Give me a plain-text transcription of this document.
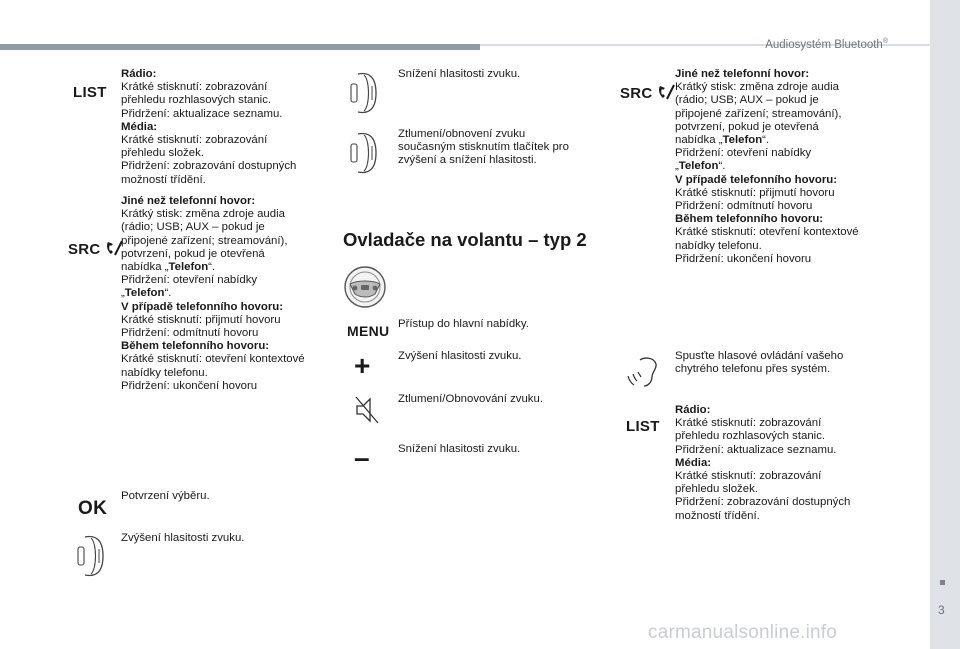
Audiosystém Bluetooth®
3
LIST
Rádio:
Krátké stisknutí: zobrazování
přehledu rozhlasových stanic.
Přidržení: aktualizace seznamu.
Média:
Krátké stisknutí: zobrazování
přehledu složek.
Přidržení: zobrazování dostupných
možností třídění.
SRC
Jiné než telefonní hovor:
Krátký stisk: změna zdroje audia
(rádio; USB; AUX – pokud je
připojené zařízení; streamování),
potvrzení, pokud je otevřená
nabídka „Telefon“.
Přidržení: otevření nabídky
„Telefon“.
V případě telefonního hovoru:
Krátké stisknutí: přijmutí hovoru
Přidržení: odmítnutí hovoru
Během telefonního hovoru:
Krátké stisknutí: otevření kontextové
nabídky telefonu.
Přidržení: ukončení hovoru
OK
Potvrzení výběru.
Zvýšení hlasitosti zvuku.
Snížení hlasitosti zvuku.
Ztlumení/obnovení zvuku
současným stisknutím tlačítek pro
zvýšení a snížení hlasitosti.
Ovladače na volantu – typ 2
MENU Přístup do hlavní nabídky.
+ Zvýšení hlasitosti zvuku.
Ztlumení/Obnovování zvuku.
– Snížení hlasitosti zvuku.
SRC
Jiné než telefonní hovor:
Krátký stisk: změna zdroje audia
(rádio; USB; AUX – pokud je
připojené zařízení; streamování),
potvrzení, pokud je otevřená
nabídka „Telefon“.
Přidržení: otevření nabídky
„Telefon“.
V případě telefonního hovoru:
Krátké stisknutí: přijmutí hovoru
Přidržení: odmítnutí hovoru
Během telefonního hovoru:
Krátké stisknutí: otevření kontextové
nabídky telefonu.
Přidržení: ukončení hovoru
Spusťte hlasové ovládání vašeho
chytrého telefonu přes systém.
LIST
Rádio:
Krátké stisknutí: zobrazování
přehledu rozhlasových stanic.
Přidržení: aktualizace seznamu.
Média:
Krátké stisknutí: zobrazování
přehledu složek.
Přidržení: zobrazování dostupných
možností třídění.
carmanualsonline.info
